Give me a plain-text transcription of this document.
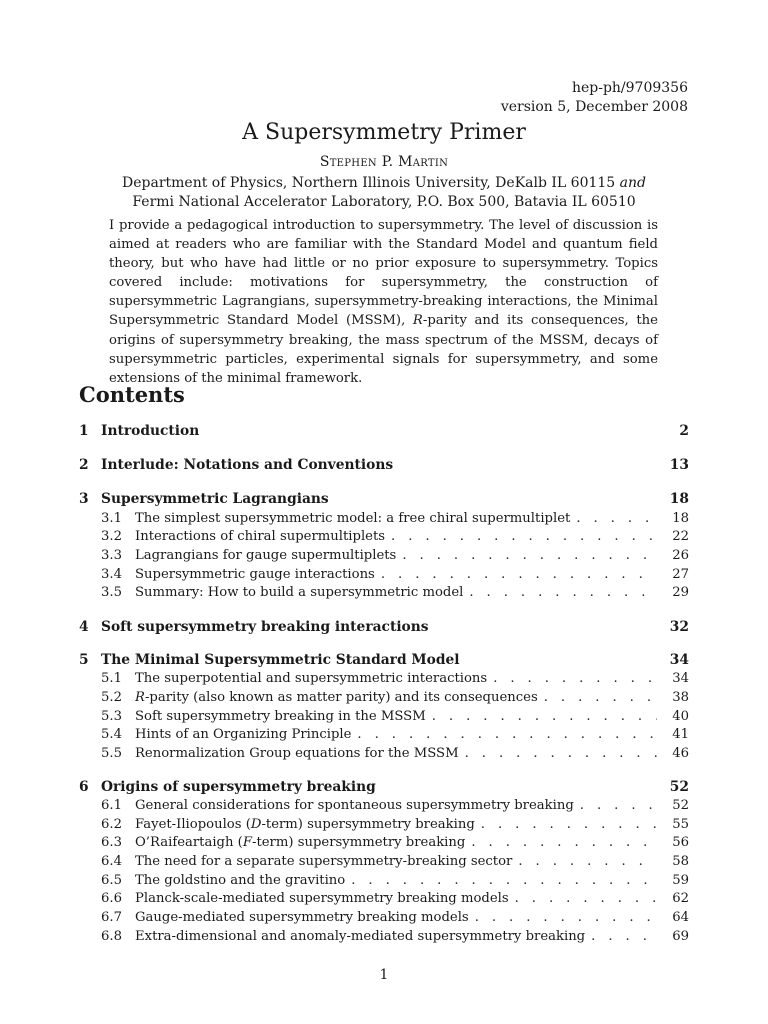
hep-ph/9709356
version 5, December 2008
A Supersymmetry Primer
Stephen P. Martin
Department of Physics, Northern Illinois University, DeKalb IL 60115 and
Fermi National Accelerator Laboratory, P.O. Box 500, Batavia IL 60510
I provide a pedagogical introduction to supersymmetry. The level of discussion is aimed at readers who are familiar with the Standard Model and quantum field theory, but who have had little or no prior exposure to supersymmetry. Topics covered include: motivations for supersymmetry, the construction of supersymmetric Lagrangians, supersymmetry-breaking interactions, the Minimal Supersymmetric Standard Model (MSSM), R-parity and its consequences, the origins of supersymmetry breaking, the mass spectrum of the MSSM, decays of supersymmetric particles, experimental signals for supersymmetry, and some extensions of the minimal framework.
Contents
1 Introduction	2
2 Interlude: Notations and Conventions	13
3 Supersymmetric Lagrangians	18
3.1 The simplest supersymmetric model: a free chiral supermultiplet . . .	18
3.2 Interactions of chiral supermultiplets . . .	22
3.3 Lagrangians for gauge supermultiplets . . .	26
3.4 Supersymmetric gauge interactions . . .	27
3.5 Summary: How to build a supersymmetric model . . .	29
4 Soft supersymmetry breaking interactions	32
5 The Minimal Supersymmetric Standard Model	34
5.1 The superpotential and supersymmetric interactions . . .	34
5.2 R-parity (also known as matter parity) and its consequences . . .	38
5.3 Soft supersymmetry breaking in the MSSM . . .	40
5.4 Hints of an Organizing Principle . . .	41
5.5 Renormalization Group equations for the MSSM . . .	46
6 Origins of supersymmetry breaking	52
6.1 General considerations for spontaneous supersymmetry breaking . . .	52
6.2 Fayet-Iliopoulos (D-term) supersymmetry breaking . . .	55
6.3 O’Raifeartaigh (F-term) supersymmetry breaking . . .	56
6.4 The need for a separate supersymmetry-breaking sector . . .	58
6.5 The goldstino and the gravitino . . .	59
6.6 Planck-scale-mediated supersymmetry breaking models . . .	62
6.7 Gauge-mediated supersymmetry breaking models . . .	64
6.8 Extra-dimensional and anomaly-mediated supersymmetry breaking . . .	69
1
